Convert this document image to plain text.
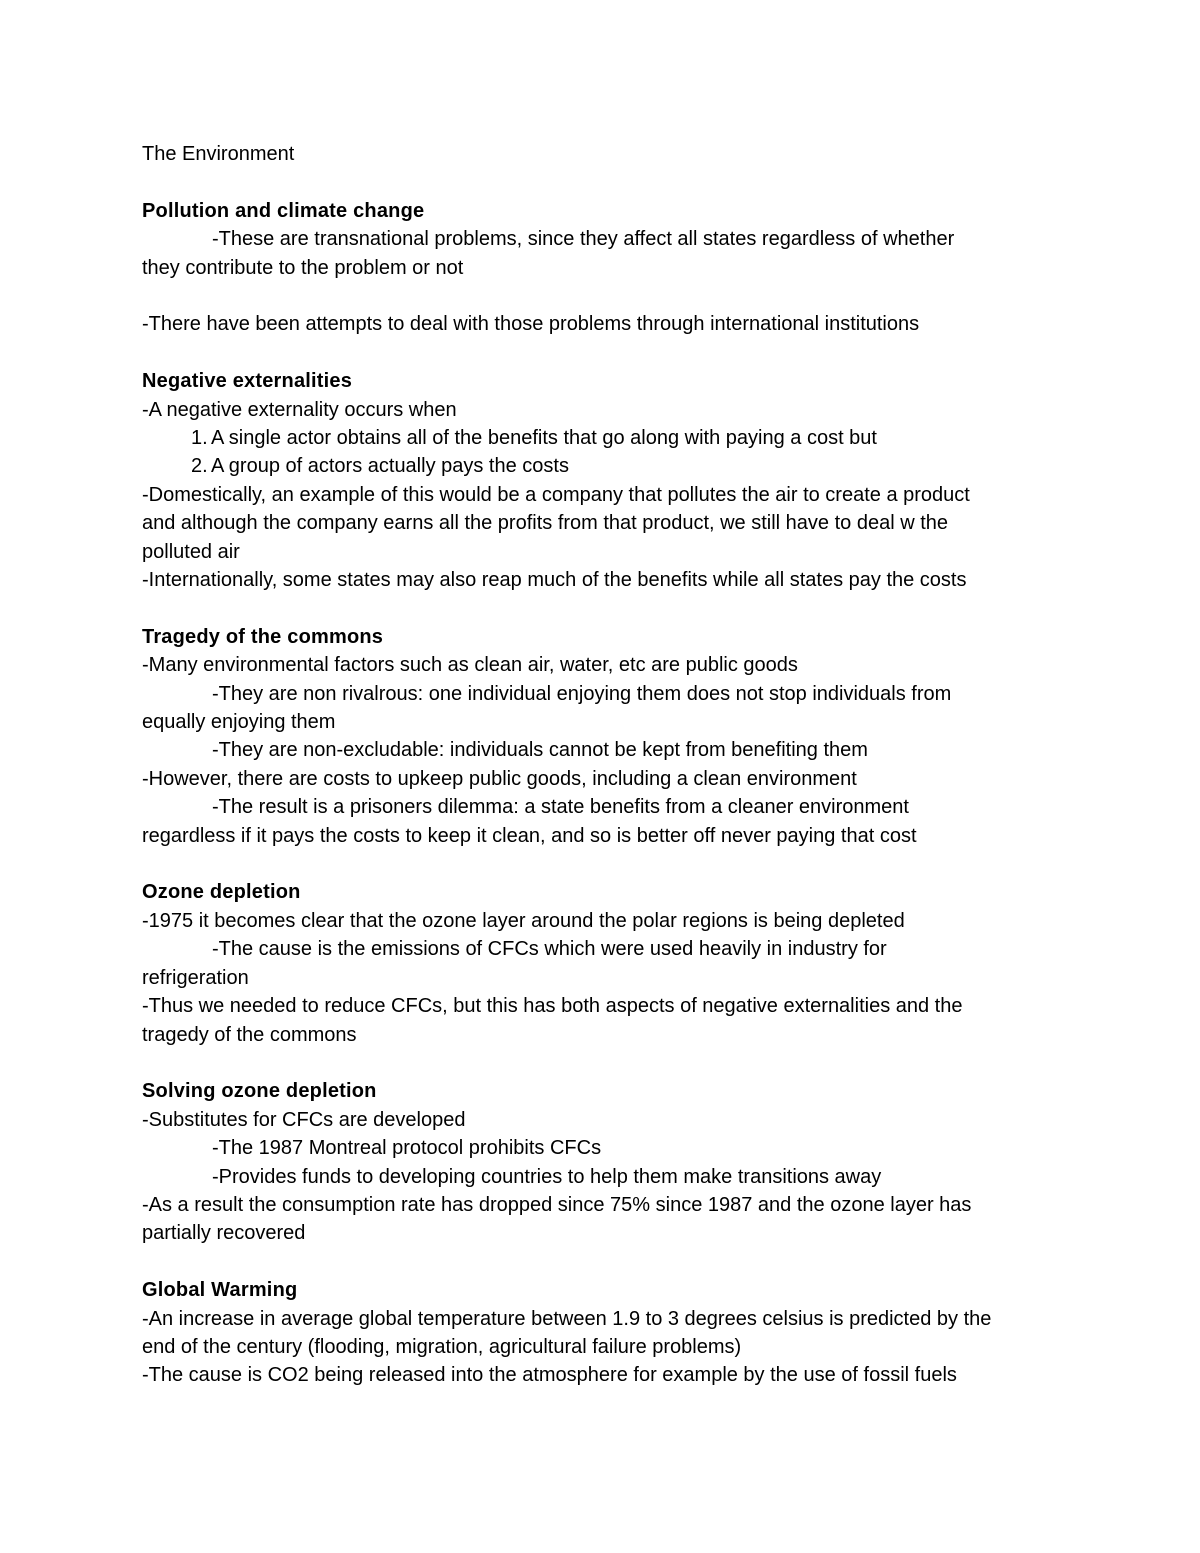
The Environment
Pollution and climate change
-These are transnational problems, since they affect all states regardless of whether
they contribute to the problem or not
-There have been attempts to deal with those problems through international institutions
Negative externalities
-A negative externality occurs when
1. A single actor obtains all of the benefits that go along with paying a cost but
2. A group of actors actually pays the costs
-Domestically, an example of this would be a company that pollutes the air to create a product
and although the company earns all the profits from that product, we still have to deal w the
polluted air
-Internationally, some states may also reap much of the benefits while all states pay the costs
Tragedy of the commons
-Many environmental factors such as clean air, water, etc are public goods
-They are non rivalrous: one individual enjoying them does not stop individuals from
equally enjoying them
-They are non-excludable: individuals cannot be kept from benefiting them
-However, there are costs to upkeep public goods, including a clean environment
-The result is a prisoners dilemma: a state benefits from a cleaner environment
regardless if it pays the costs to keep it clean, and so is better off never paying that cost
Ozone depletion
-1975 it becomes clear that the ozone layer around the polar regions is being depleted
-The cause is the emissions of CFCs which were used heavily in industry for
refrigeration
-Thus we needed to reduce CFCs, but this has both aspects of negative externalities and the
tragedy of the commons
Solving ozone depletion
-Substitutes for CFCs are developed
-The 1987 Montreal protocol prohibits CFCs
-Provides funds to developing countries to help them make transitions away
-As a result the consumption rate has dropped since 75% since 1987 and the ozone layer has
partially recovered
Global Warming
-An increase in average global temperature between 1.9 to 3 degrees celsius is predicted by the
end of the century (flooding, migration, agricultural failure problems)
-The cause is CO2 being released into the atmosphere for example by the use of fossil fuels
